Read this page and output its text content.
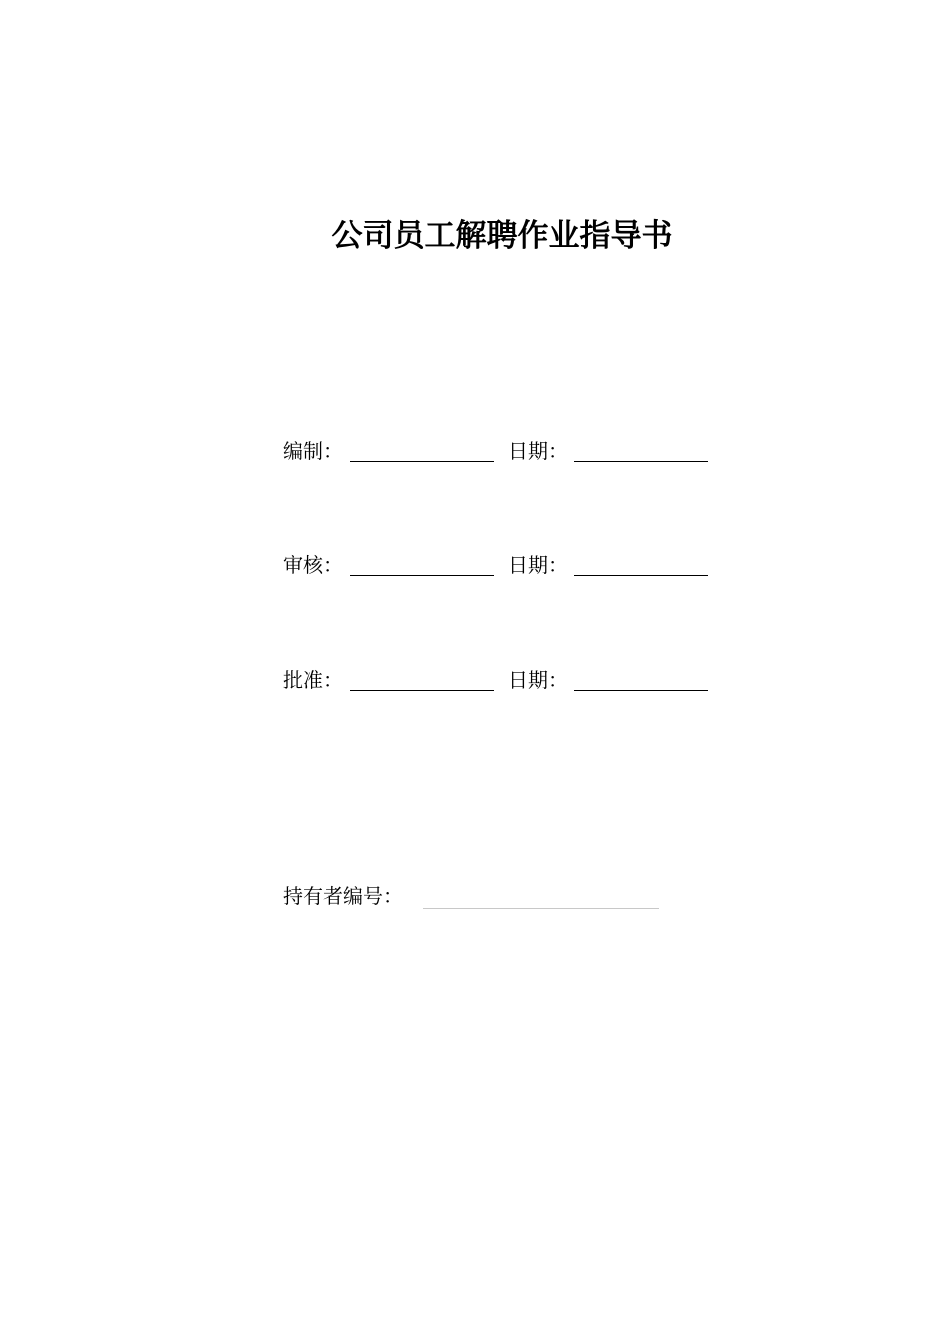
公司员工解聘作业指导书
编制：	日期：
审核：	日期：
批准：	日期：
持有者编号：
